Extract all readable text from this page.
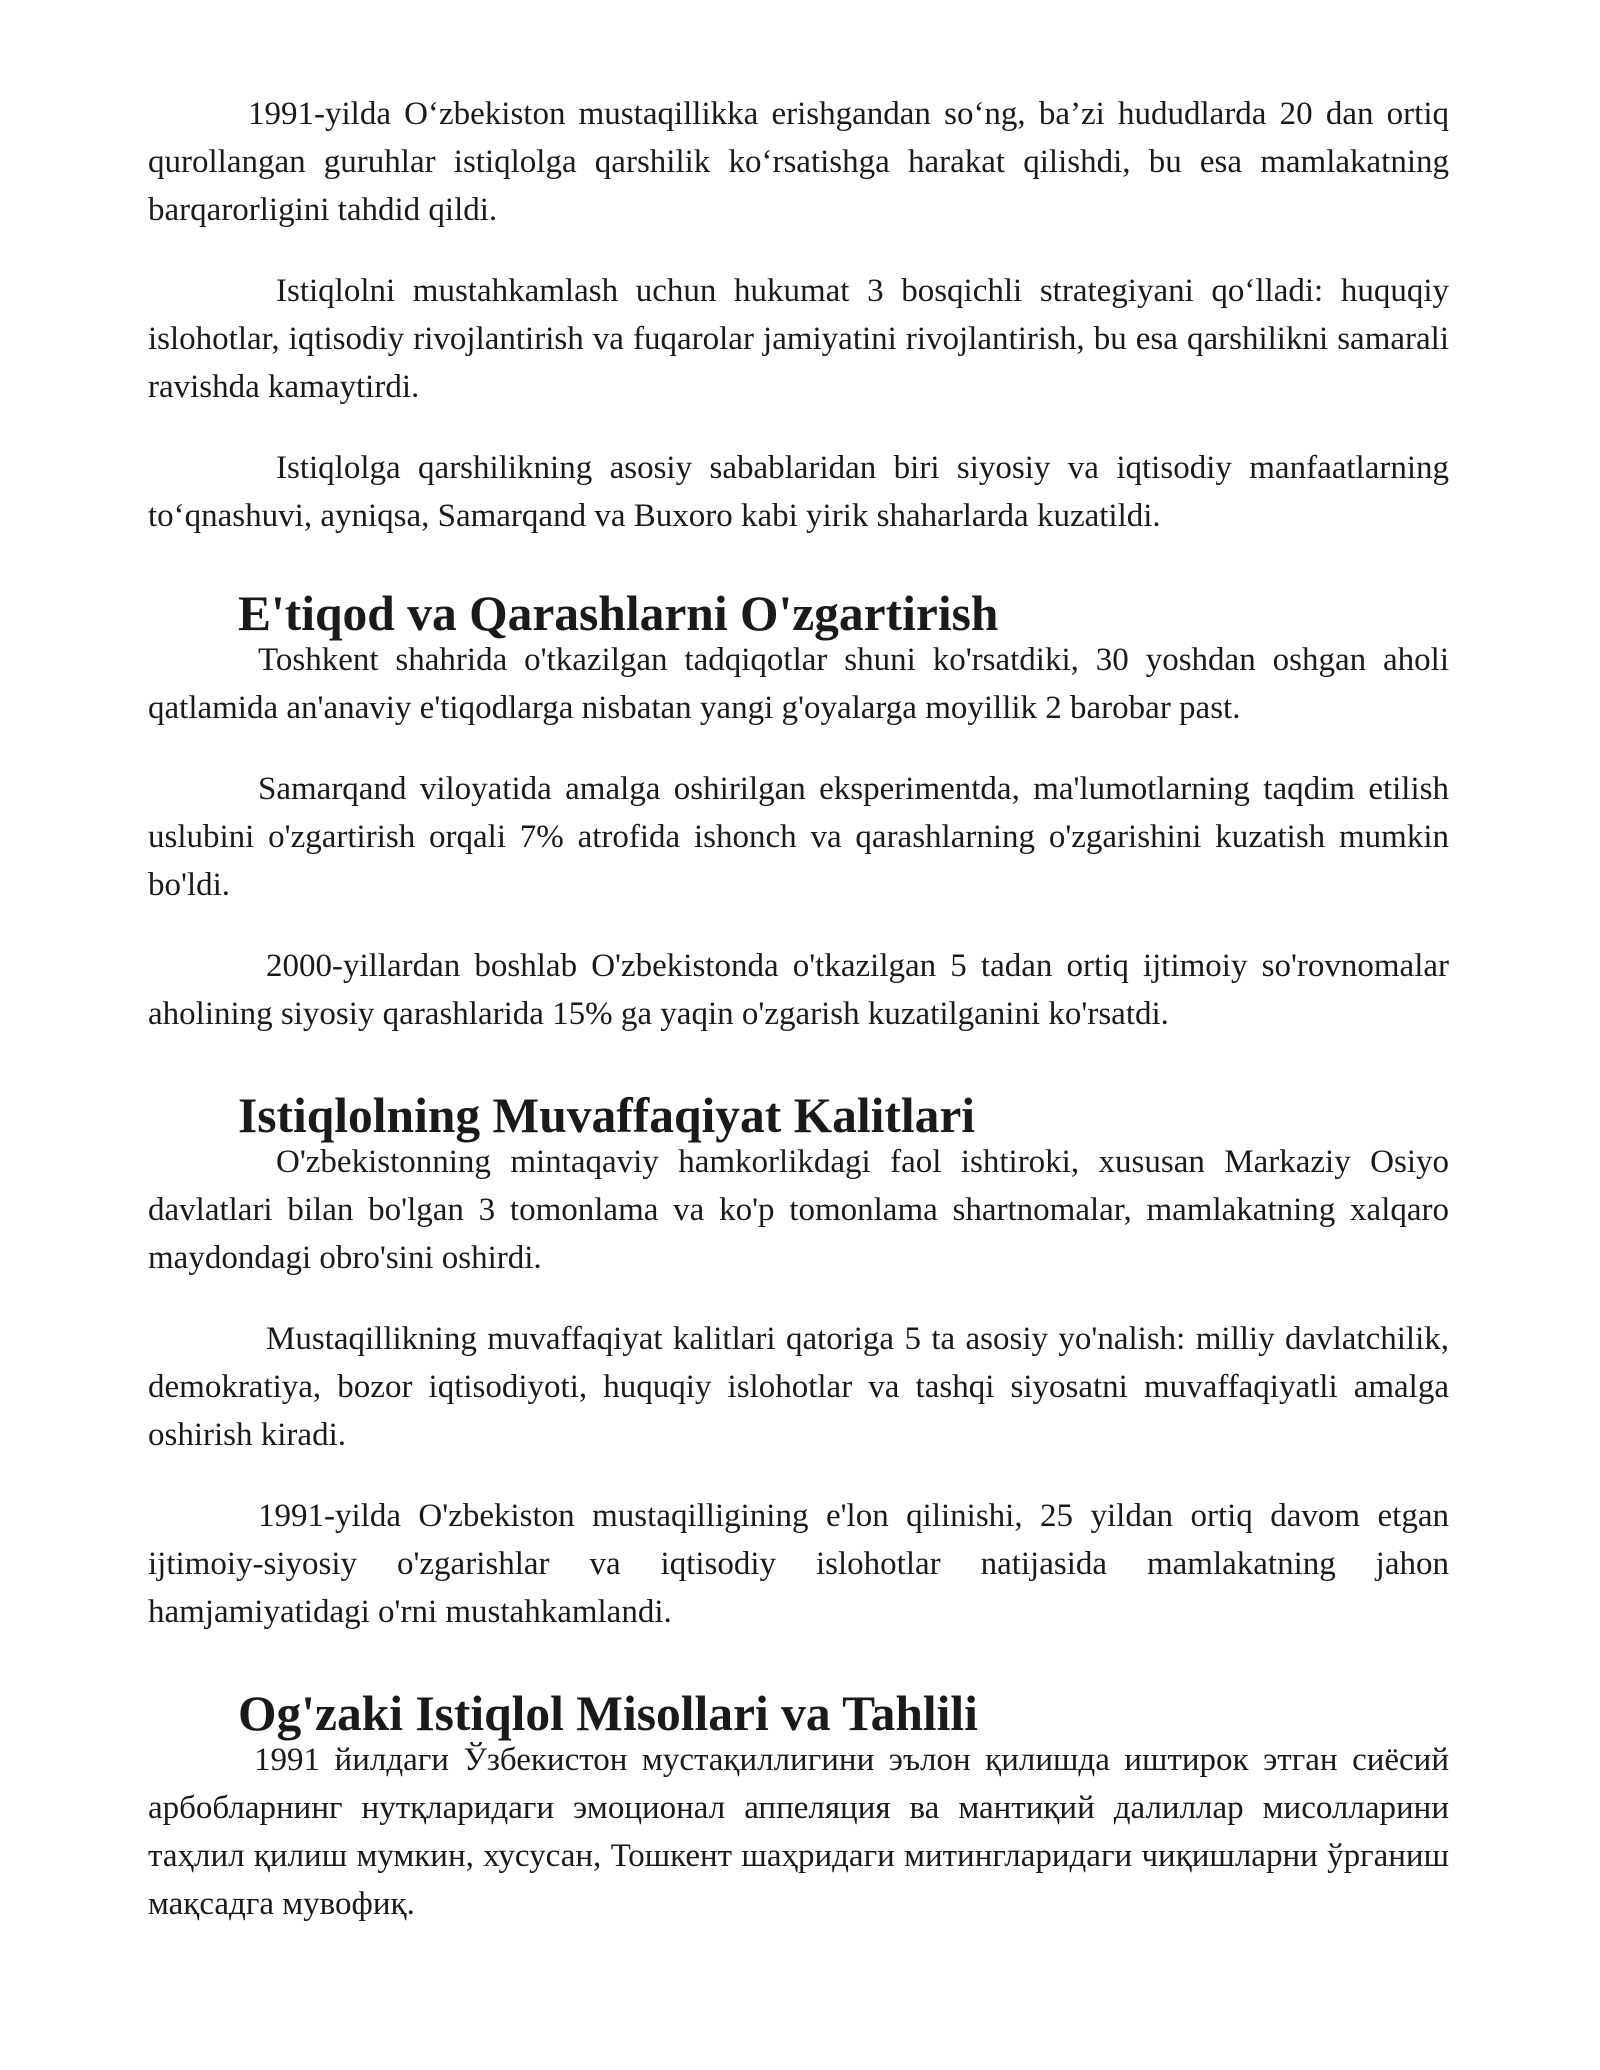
1991-yilda O‘zbekiston mustaqillikka erishgandan so‘ng, ba’zi hududlarda 20 dan ortiq qurollangan guruhlar istiqlolga qarshilik ko‘rsatishga harakat qilishdi, bu esa mamlakatning barqarorligini tahdid qildi.

Istiqlolni mustahkamlash uchun hukumat 3 bosqichli strategiyani qo‘lladi: huquqiy islohotlar, iqtisodiy rivojlantirish va fuqarolar jamiyatini rivojlantirish, bu esa qarshilikni samarali ravishda kamaytirdi.

Istiqlolga qarshilikning asosiy sabablaridan biri siyosiy va iqtisodiy manfaatlarning to‘qnashuvi, ayniqsa, Samarqand va Buxoro kabi yirik shaharlarda kuzatildi.

E'tiqod va Qarashlarni O'zgartirish

Toshkent shahrida o'tkazilgan tadqiqotlar shuni ko'rsatdiki, 30 yoshdan oshgan aholi qatlamida an'anaviy e'tiqodlarga nisbatan yangi g'oyalarga moyillik 2 barobar past.

Samarqand viloyatida amalga oshirilgan eksperimentda, ma'lumotlarning taqdim etilish uslubini o'zgartirish orqali 7% atrofida ishonch va qarashlarning o'zgarishini kuzatish mumkin bo'ldi.

2000-yillardan boshlab O'zbekistonda o'tkazilgan 5 tadan ortiq ijtimoiy so'rovnomalar aholining siyosiy qarashlarida 15% ga yaqin o'zgarish kuzatilganini ko'rsatdi.

Istiqlolning Muvaffaqiyat Kalitlari

O'zbekistonning mintaqaviy hamkorlikdagi faol ishtiroki, xususan Markaziy Osiyo davlatlari bilan bo'lgan 3 tomonlama va ko'p tomonlama shartnomalar, mamlakatning xalqaro maydondagi obro'sini oshirdi.

Mustaqillikning muvaffaqiyat kalitlari qatoriga 5 ta asosiy yo'nalish: milliy davlatchilik, demokratiya, bozor iqtisodiyoti, huquqiy islohotlar va tashqi siyosatni muvaffaqiyatli amalga oshirish kiradi.

1991-yilda O'zbekiston mustaqilligining e'lon qilinishi, 25 yildan ortiq davom etgan ijtimoiy-siyosiy o'zgarishlar va iqtisodiy islohotlar natijasida mamlakatning jahon hamjamiyatidagi o'rni mustahkamlandi.

Og'zaki Istiqlol Misollari va Tahlili

1991 йилдаги Ўзбекистон мустақиллигини эълон қилишда иштирок этган сиёсий арбобларнинг нутқларидаги эмоционал аппеляция ва мантиқий далиллар мисолларини таҳлил қилиш мумкин, хусусан, Тошкент шаҳридаги митингларидаги чиқишларни ўрганиш мақсадга мувофиқ.
